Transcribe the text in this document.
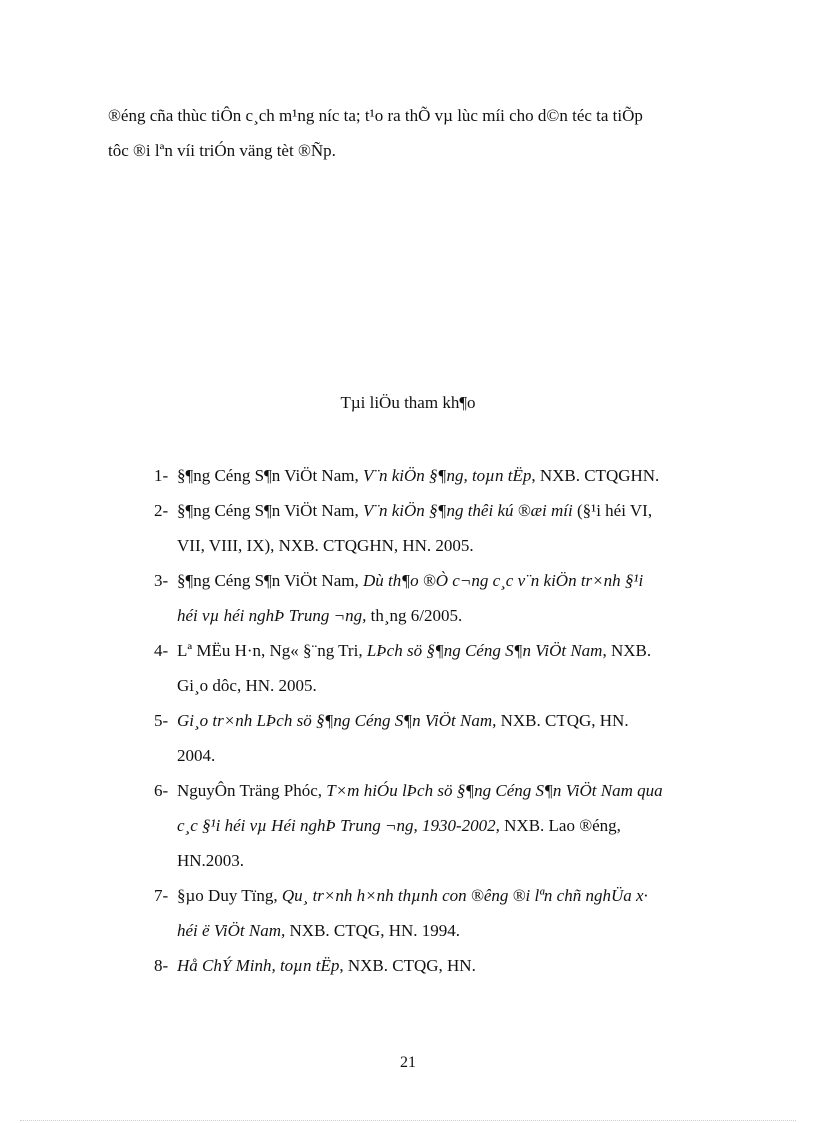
®éng cña thùc tiÔn c¸ch m¹ng níc ta; t¹o ra thÕ vµ lùc míi cho d©n téc ta tiÕp
tôc ®i lªn víi triÓn väng tèt ®Ñp.
Tµi liÖu tham kh¶o
1- §¶ng Céng S¶n ViÖt Nam, V¨n kiÖn §¶ng, toµn tËp, NXB. CTQGHN.
2- §¶ng Céng S¶n ViÖt Nam, V¨n kiÖn §¶ng thêi kú ®æi míi (§¹i héi VI,
VII, VIII, IX), NXB. CTQGHN, HN. 2005.
3- §¶ng Céng S¶n ViÖt Nam, Dù th¶o ®Ò c¬ng c¸c v¨n kiÖn tr×nh §¹i
héi vµ héi nghÞ Trung ¬ng, th¸ng 6/2005.
4- Lª MËu H·n, Ng« §¨ng Tri, LÞch sö §¶ng Céng S¶n ViÖt Nam, NXB.
Gi¸o dôc, HN. 2005.
5- Gi¸o tr×nh LÞch sö §¶ng Céng S¶n ViÖt Nam, NXB. CTQG, HN.
2004.
6- NguyÔn Träng Phóc, T×m hiÓu lÞch sö §¶ng Céng S¶n ViÖt Nam qua
c¸c §¹i héi vµ Héi nghÞ Trung ¬ng, 1930-2002, NXB. Lao ®éng,
HN.2003.
7- §µo Duy Tïng, Qu¸ tr×nh h×nh thµnh con ®êng ®i lªn chñ nghÜa x·
héi ë ViÖt Nam, NXB. CTQG, HN. 1994.
8- Hå ChÝ Minh, toµn tËp, NXB. CTQG, HN.
21
